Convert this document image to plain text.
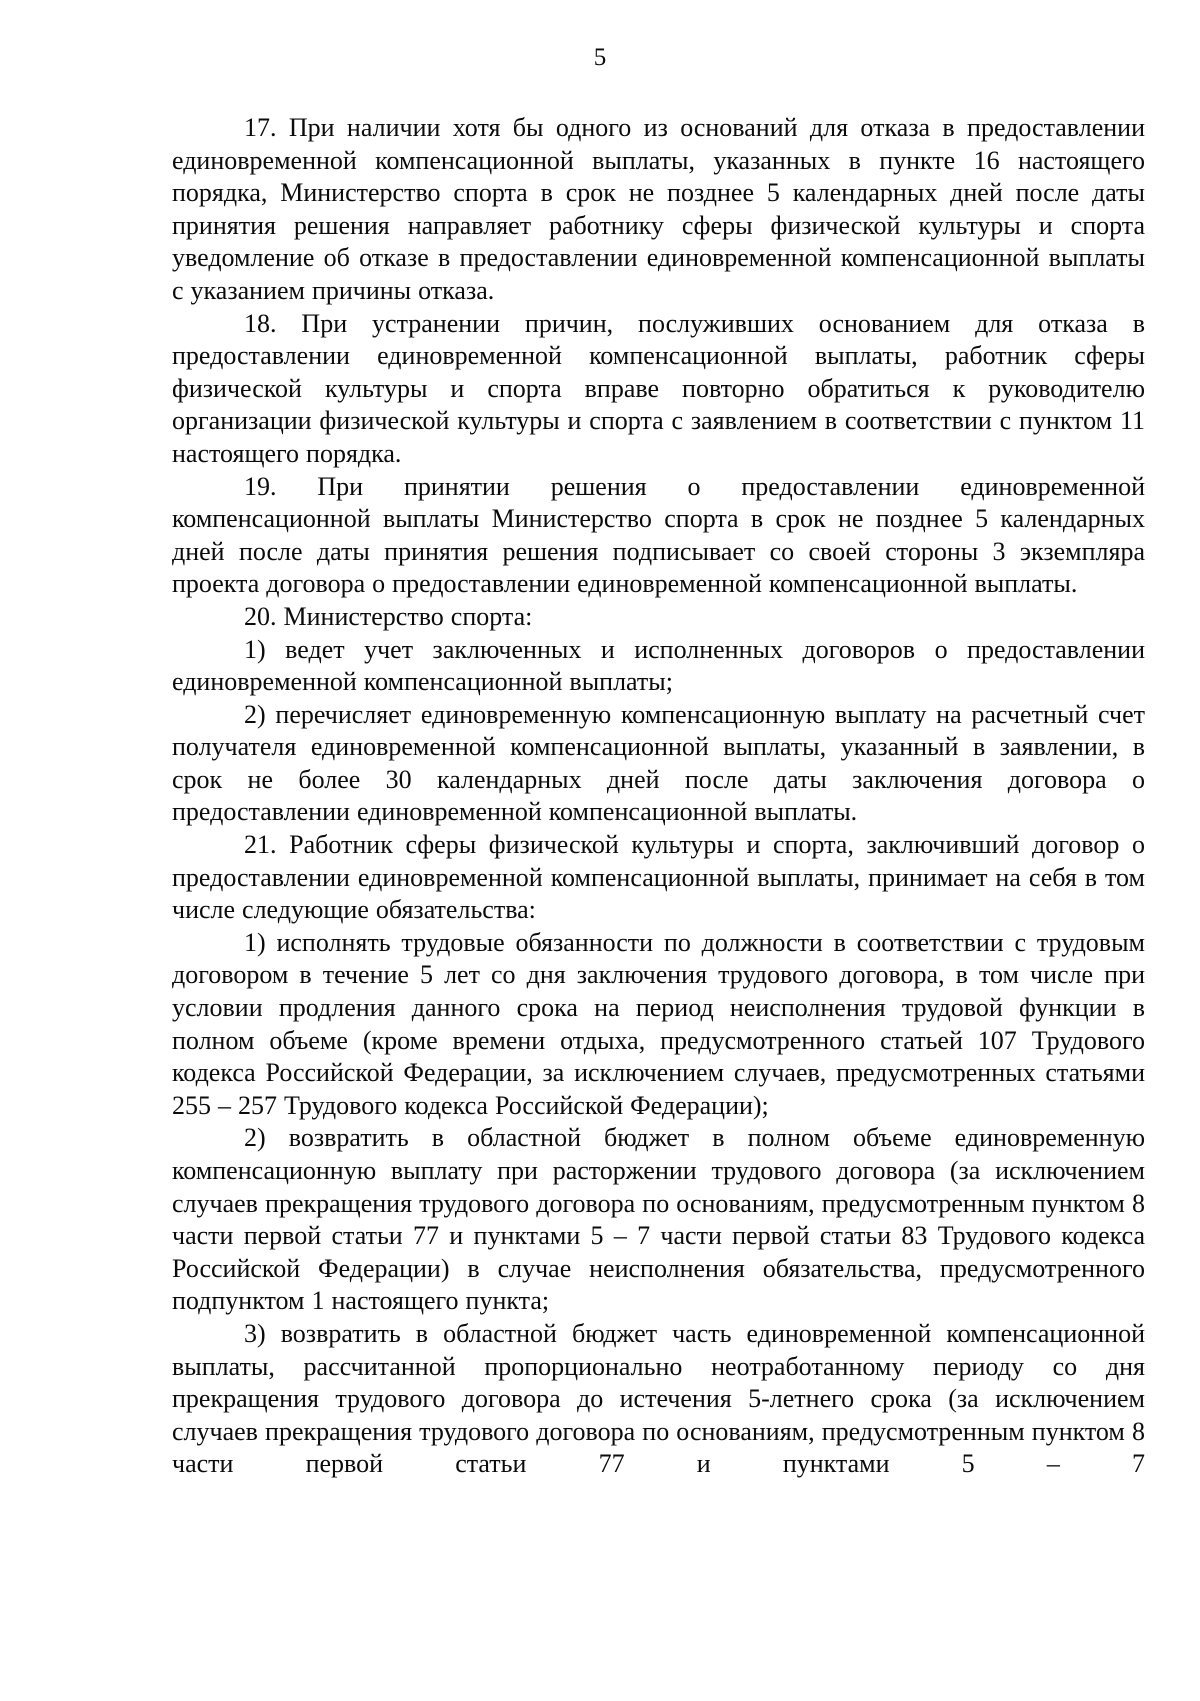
5

17. При наличии хотя бы одного из оснований для отказа в предоставлении единовременной компенсационной выплаты, указанных в пункте 16 настоящего порядка, Министерство спорта в срок не позднее 5 календарных дней после даты принятия решения направляет работнику сферы физической культуры и спорта уведомление об отказе в предоставлении единовременной компенсационной выплаты с указанием причины отказа.

18. При устранении причин, послуживших основанием для отказа в предоставлении единовременной компенсационной выплаты, работник сферы физической культуры и спорта вправе повторно обратиться к руководителю организации физической культуры и спорта с заявлением в соответствии с пунктом 11 настоящего порядка.

19. При принятии решения о предоставлении единовременной компенсационной выплаты Министерство спорта в срок не позднее 5 календарных дней после даты принятия решения подписывает со своей стороны 3 экземпляра проекта договора о предоставлении единовременной компенсационной выплаты.

20. Министерство спорта:

1) ведет учет заключенных и исполненных договоров о предоставлении единовременной компенсационной выплаты;

2) перечисляет единовременную компенсационную выплату на расчетный счет получателя единовременной компенсационной выплаты, указанный в заявлении, в срок не более 30 календарных дней после даты заключения договора о предоставлении единовременной компенсационной выплаты.

21. Работник сферы физической культуры и спорта, заключивший договор о предоставлении единовременной компенсационной выплаты, принимает на себя в том числе следующие обязательства:

1) исполнять трудовые обязанности по должности в соответствии с трудовым договором в течение 5 лет со дня заключения трудового договора, в том числе при условии продления данного срока на период неисполнения трудовой функции в полном объеме (кроме времени отдыха, предусмотренного статьей 107 Трудового кодекса Российской Федерации, за исключением случаев, предусмотренных статьями 255 – 257 Трудового кодекса Российской Федерации);

2) возвратить в областной бюджет в полном объеме единовременную компенсационную выплату при расторжении трудового договора (за исключением случаев прекращения трудового договора по основаниям, предусмотренным пунктом 8 части первой статьи 77 и пунктами 5 – 7 части первой статьи 83 Трудового кодекса Российской Федерации) в случае неисполнения обязательства, предусмотренного подпунктом 1 настоящего пункта;

3) возвратить в областной бюджет часть единовременной компенсационной выплаты, рассчитанной пропорционально неотработанному периоду со дня прекращения трудового договора до истечения 5-летнего срока (за исключением случаев прекращения трудового договора по основаниям, предусмотренным пунктом 8 части первой статьи 77 и пунктами 5 – 7
